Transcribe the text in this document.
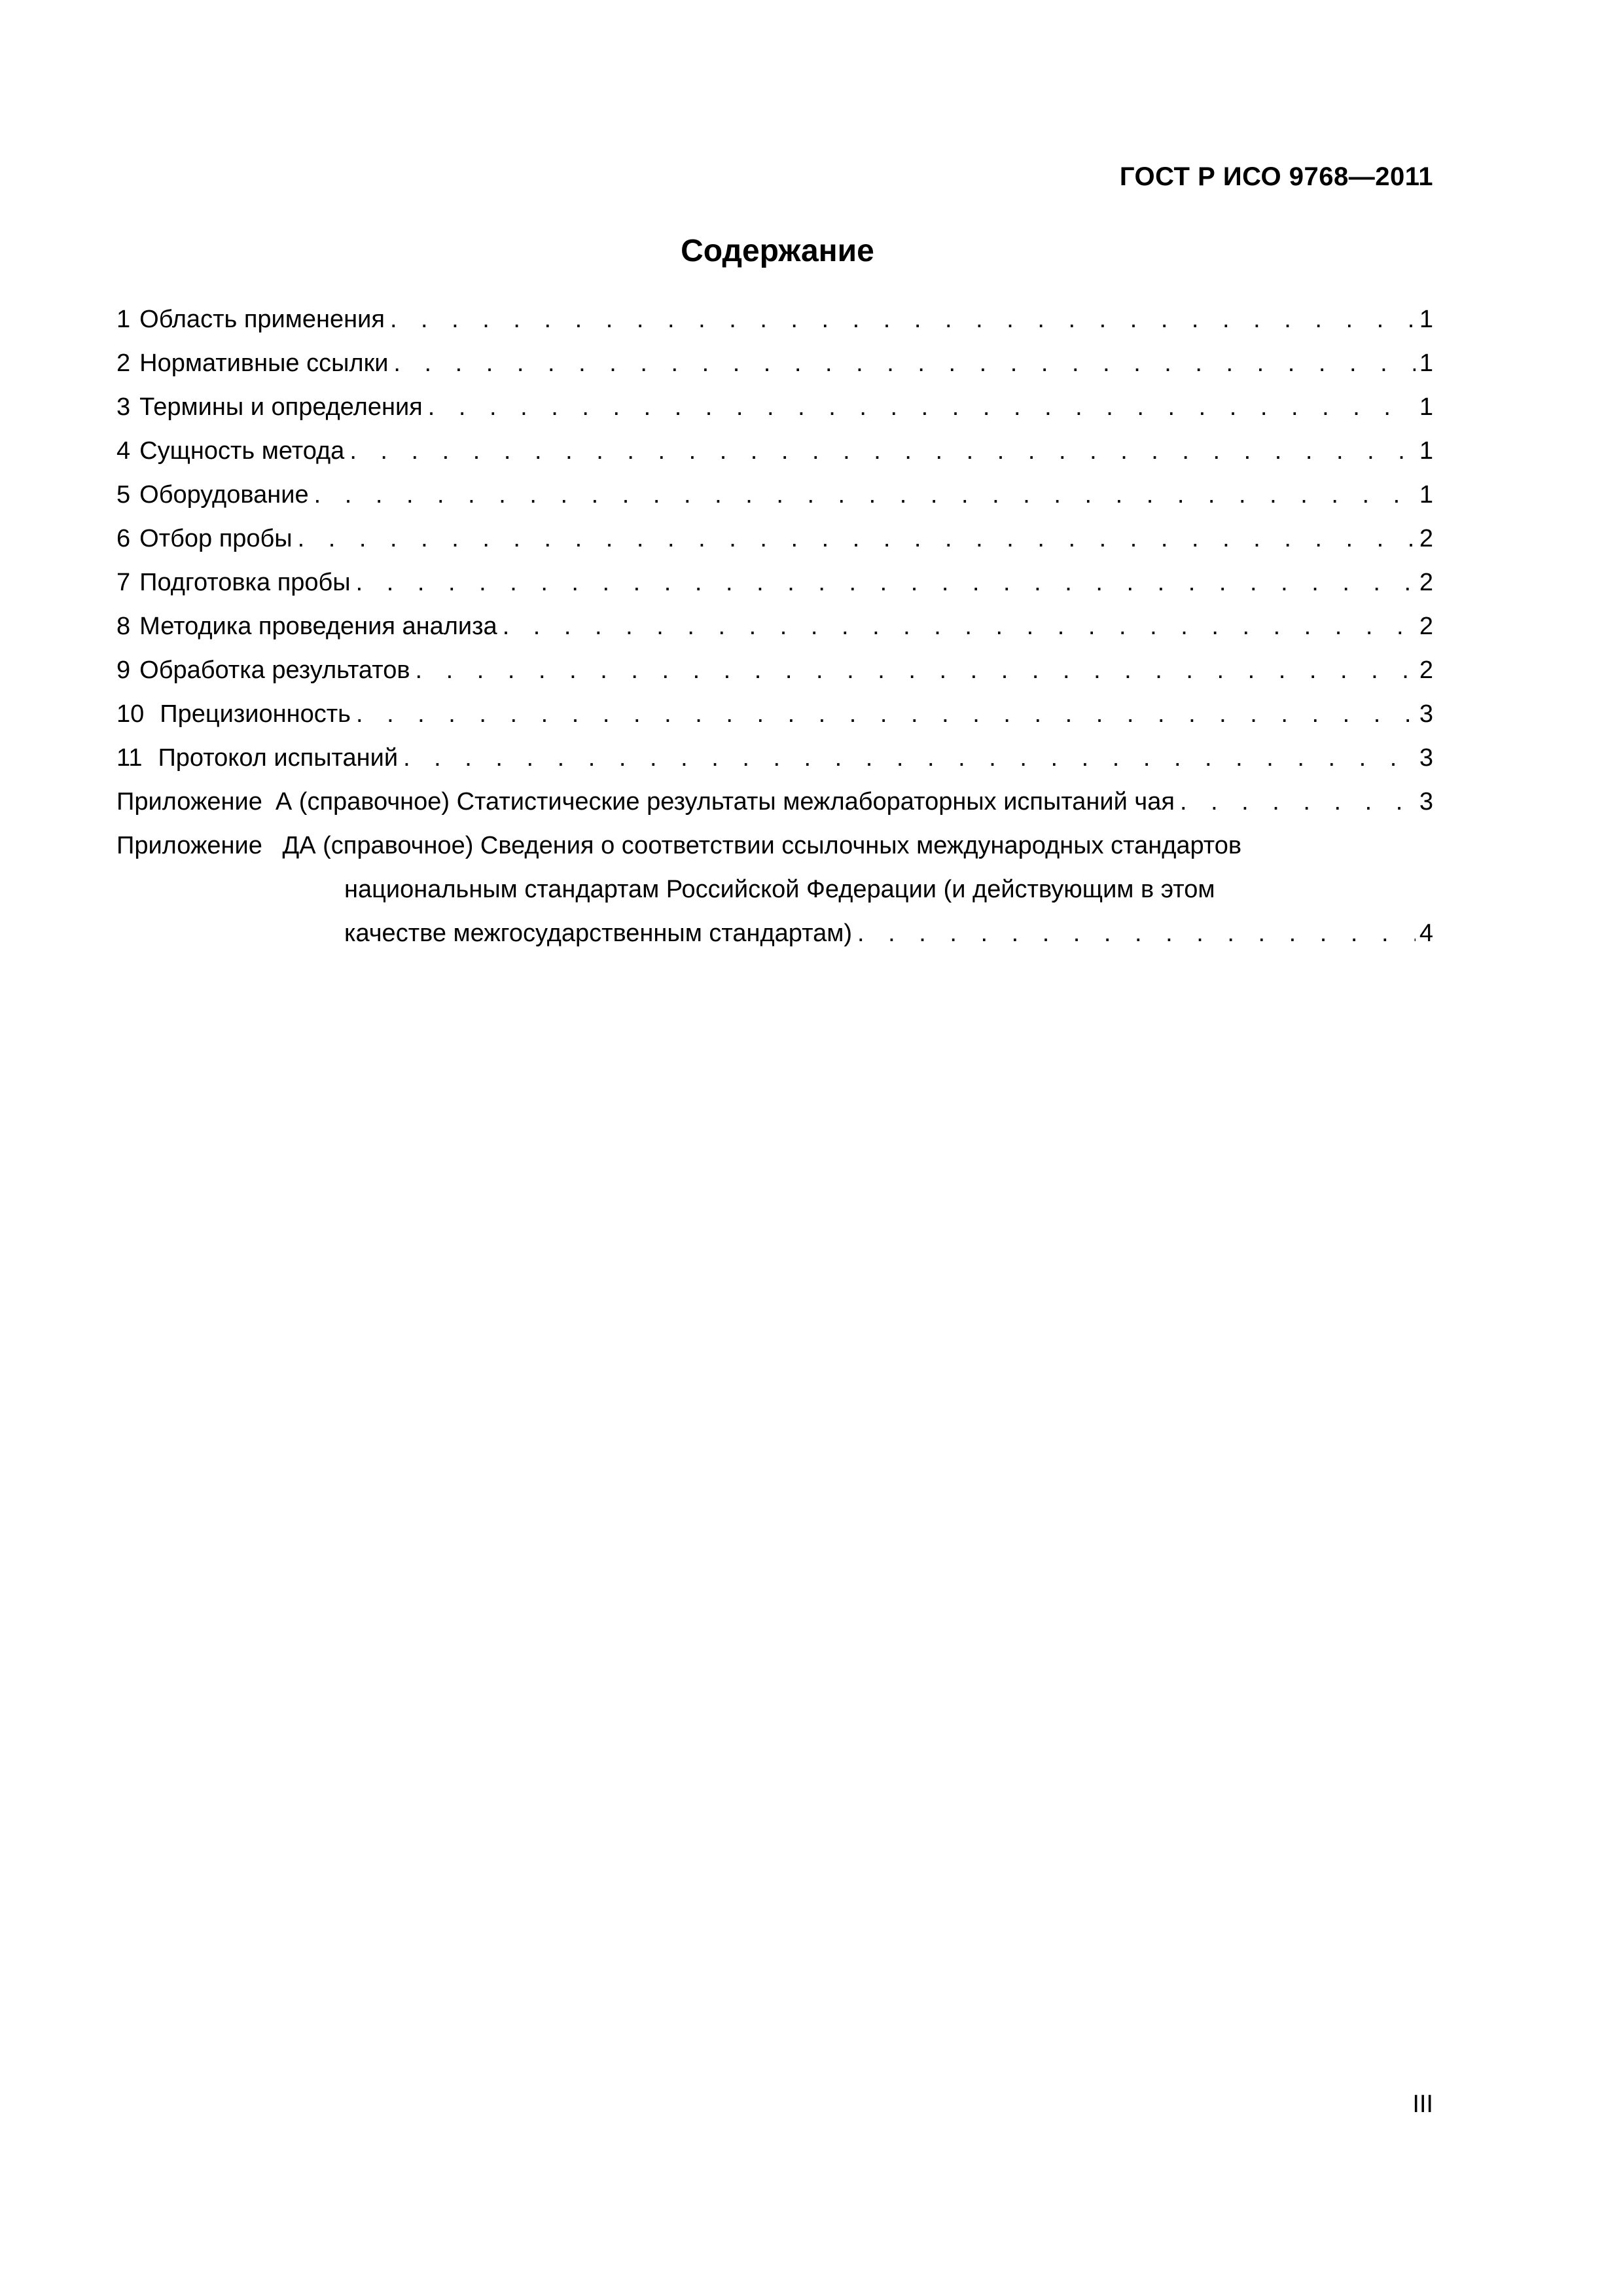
ГОСТ Р ИСО 9768—2011
Содержание
1 Область применения . . .	1
2 Нормативные ссылки . . .	1
3 Термины и определения . . .	1
4 Сущность метода . . .	1
5 Оборудование . . .	1
6 Отбор пробы . . .	2
7 Подготовка пробы . . .	2
8 Методика проведения анализа . . .	2
9 Обработка результатов . . .	2
10 Прецизионность . . .	3
11 Протокол испытаний . . .	3
Приложение А (справочное) Статистические результаты межлабораторных испытаний чая . . .	3
Приложение ДА (справочное) Сведения о соответствии ссылочных международных стандартов
национальным стандартам Российской Федерации (и действующим в этом
качестве межгосударственным стандартам) . . .	4
III
